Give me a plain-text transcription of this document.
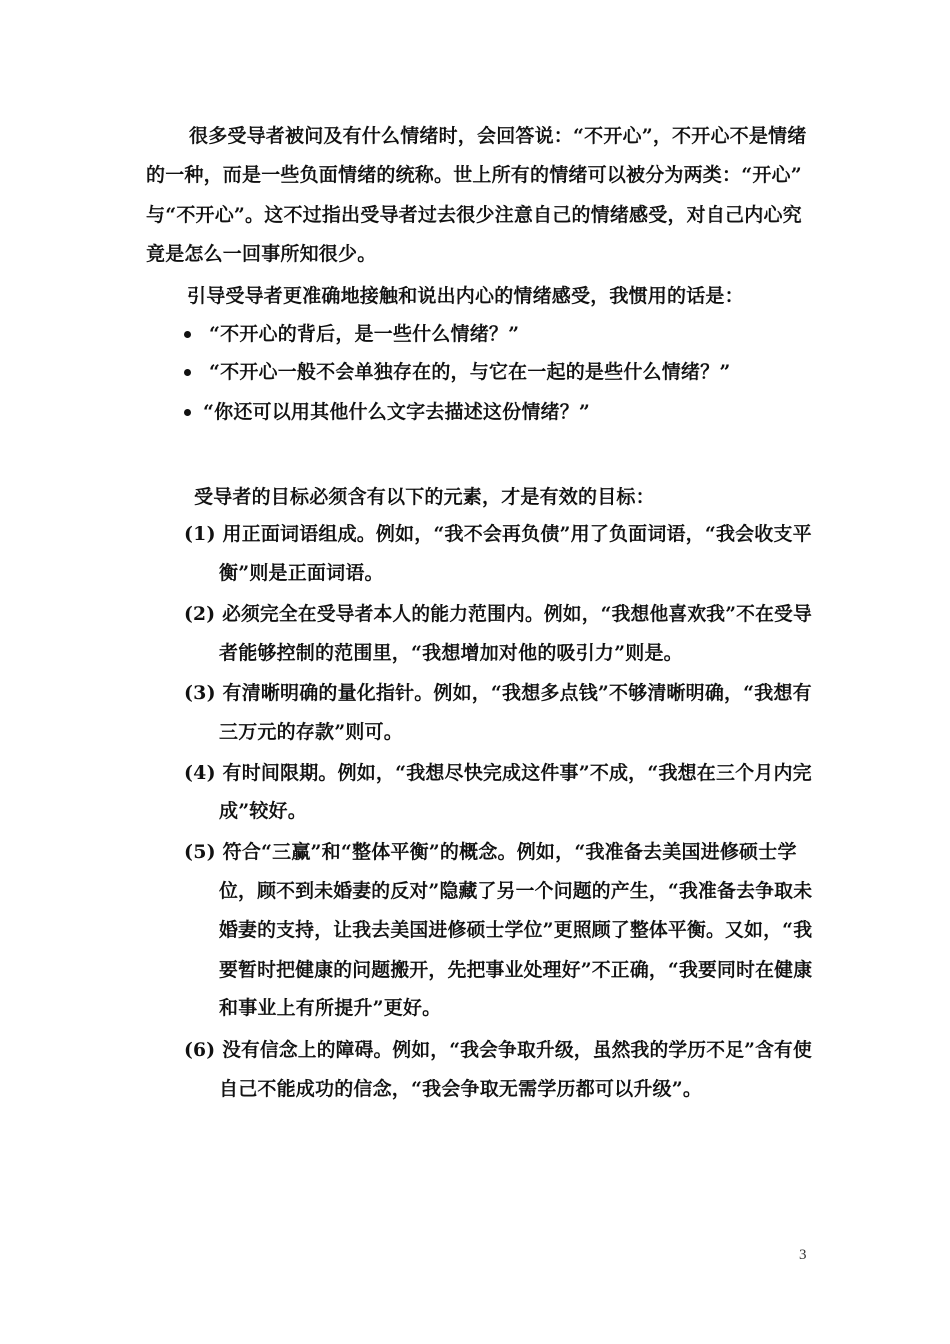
很多受导者被问及有什么情绪时，会回答说：“不开心”，不开心不是情绪
的一种，而是一些负面情绪的统称。世上所有的情绪可以被分为两类：“开心”
与“不开心”。这不过指出受导者过去很少注意自己的情绪感受，对自己内心究
竟是怎么一回事所知很少。
引导受导者更准确地接触和说出内心的情绪感受，我惯用的话是：
“不开心的背后，是一些什么情绪？”
“不开心一般不会单独存在的，与它在一起的是些什么情绪？”
“你还可以用其他什么文字去描述这份情绪？”
受导者的目标必须含有以下的元素，才是有效的目标：
(1) 用正面词语组成。例如，“我不会再负债”用了负面词语，“我会收支平
衡”则是正面词语。
(2) 必须完全在受导者本人的能力范围内。例如，“我想他喜欢我”不在受导
者能够控制的范围里，“我想增加对他的吸引力”则是。
(3) 有清晰明确的量化指针。例如，“我想多点钱”不够清晰明确，“我想有
三万元的存款”则可。
(4) 有时间限期。例如，“我想尽快完成这件事”不成，“我想在三个月内完
成”较好。
(5) 符合“三赢”和“整体平衡”的概念。例如，“我准备去美国进修硕士学
位，顾不到未婚妻的反对”隐藏了另一个问题的产生，“我准备去争取未
婚妻的支持，让我去美国进修硕士学位”更照顾了整体平衡。又如，“我
要暂时把健康的问题搬开，先把事业处理好”不正确，“我要同时在健康
和事业上有所提升”更好。
(6) 没有信念上的障碍。例如，“我会争取升级，虽然我的学历不足”含有使
自己不能成功的信念，“我会争取无需学历都可以升级”。
3
